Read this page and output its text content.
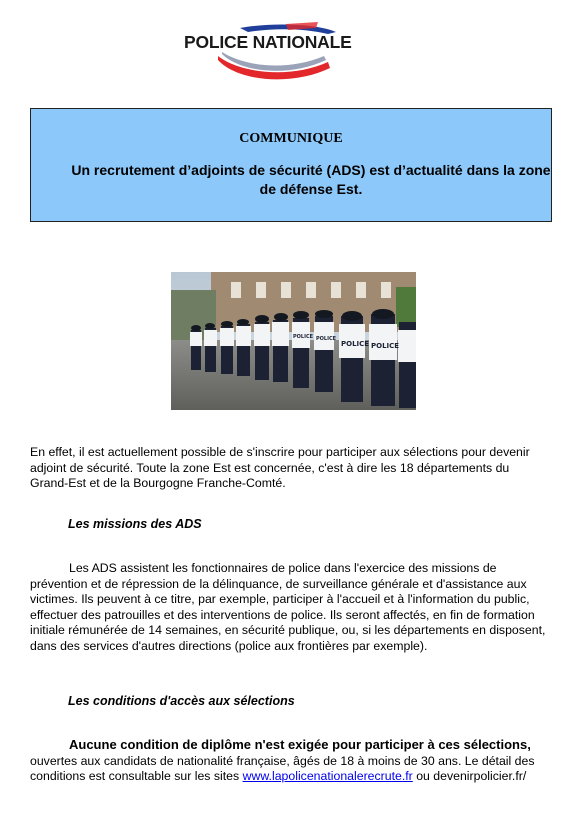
POLICE NATIONALE
COMMUNIQUE
Un recrutement d’adjoints de sécurité (ADS) est d’actualité dans la zone de défense Est.
POLICE POLICE
POLICE
POLICE
En effet, il est actuellement possible de s'inscrire pour participer aux sélections pour devenir adjoint de sécurité. Toute la zone Est est concernée, c'est à dire les 18 départements du Grand-Est et de la Bourgogne Franche-Comté.
Les missions des ADS
Les ADS assistent les fonctionnaires de police dans l'exercice des missions de prévention et de répression de la délinquance, de surveillance générale et d'assistance aux victimes. Ils peuvent à ce titre, par exemple, participer à l'accueil et à l'information du public, effectuer des patrouilles et des interventions de police. Ils seront affectés, en fin de formation initiale rémunérée de 14 semaines, en sécurité publique, ou, si les départements en disposent, dans des services d'autres directions (police aux frontières par exemple).
Les conditions d'accès aux sélections
Aucune condition de diplôme n'est exigée pour participer à ces sélections, ouvertes aux candidats de nationalité française, âgés de 18 à moins de 30 ans. Le détail des conditions est consultable sur les sites www.lapolicenationalerecrute.fr ou devenirpolicier.fr/
